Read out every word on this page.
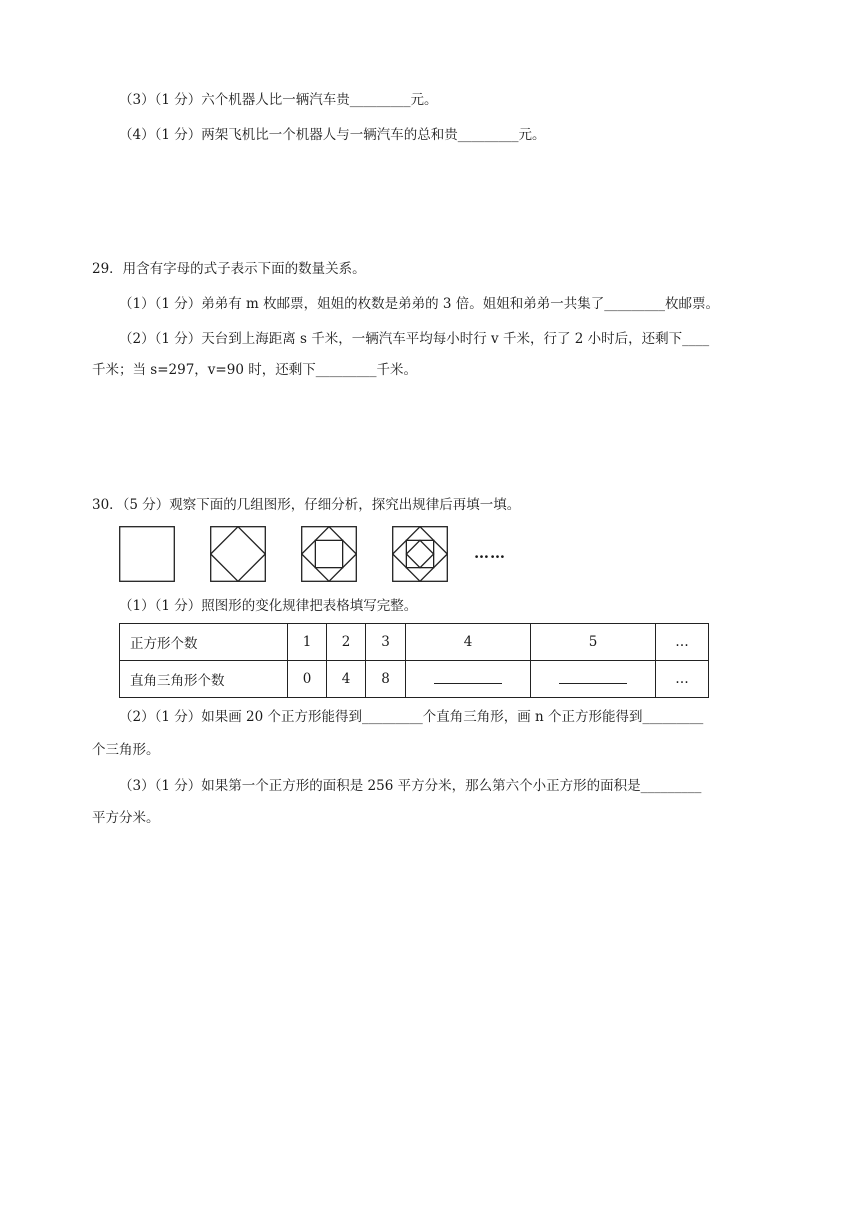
（3）（1 分）六个机器人比一辆汽车贵_________元。
（4）（1 分）两架飞机比一个机器人与一辆汽车的总和贵_________元。
29．用含有字母的式子表示下面的数量关系。
（1）（1 分）弟弟有 m 枚邮票，姐姐的枚数是弟弟的 3 倍。姐姐和弟弟一共集了_________枚邮票。
（2）（1 分）天台到上海距离 s 千米，一辆汽车平均每小时行 v 千米，行了 2 小时后，还剩下____
千米；当 s=297，v=90 时，还剩下_________千米。
30．（5 分）观察下面的几组图形，仔细分析，探究出规律后再填一填。
……
（1）（1 分）照图形的变化规律把表格填写完整。
正方形个数	1	2	3	4	5	…
直角三角形个数	0	4	8			…
（2）（1 分）如果画 20 个正方形能得到_________个直角三角形，画 n 个正方形能得到_________
个三角形。
（3）（1 分）如果第一个正方形的面积是 256 平方分米，那么第六个小正方形的面积是_________
平方分米。
